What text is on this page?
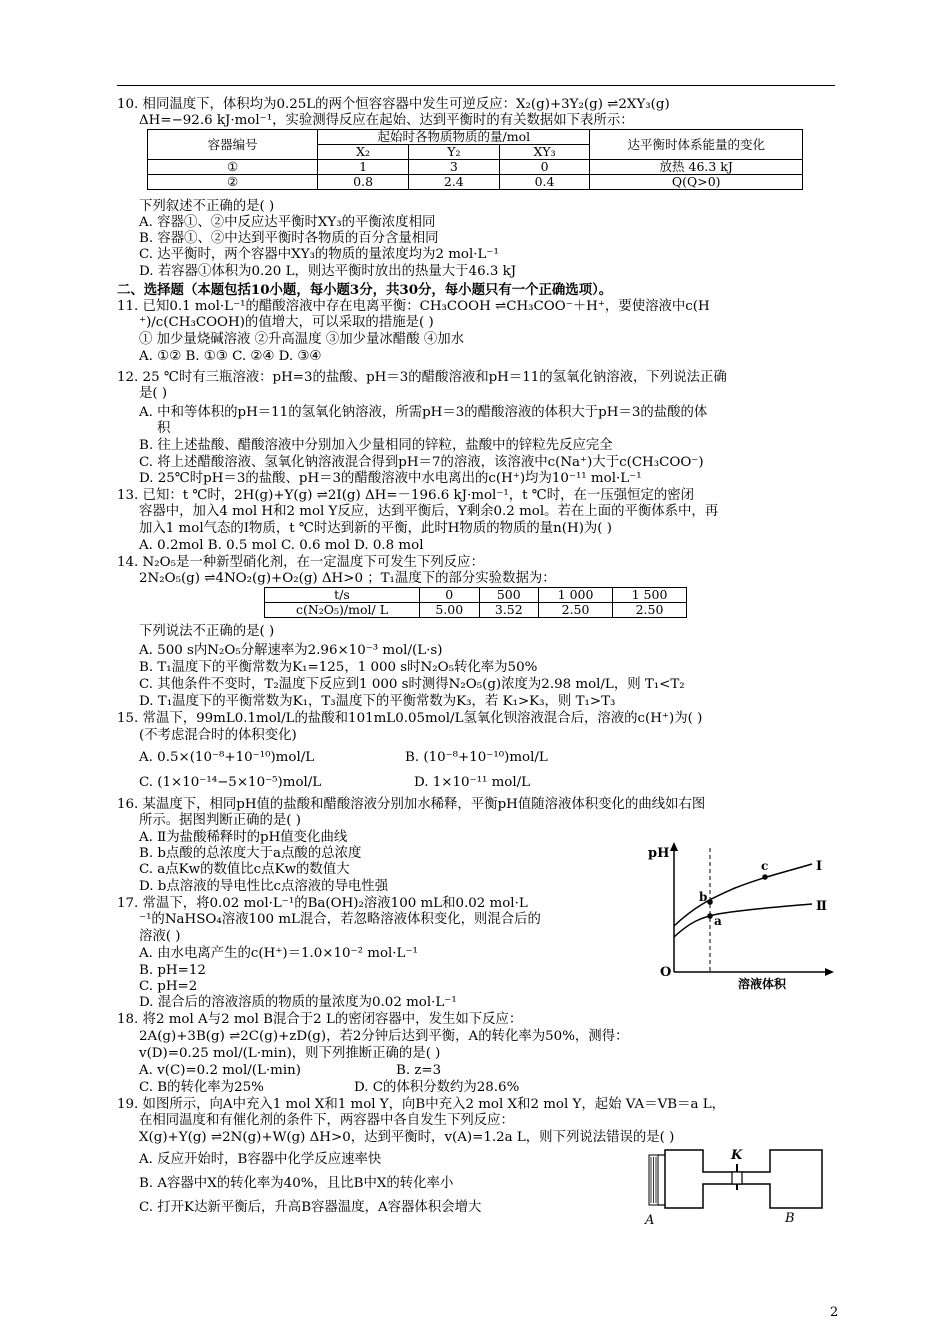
10. 相同温度下，体积均为0.25L的两个恒容容器中发生可逆反应：X₂(g)+3Y₂(g) ⇌2XY₃(g)
ΔH=−92.6 kJ·mol⁻¹，实验测得反应在起始、达到平衡时的有关数据如下表所示：
容器编号	起始时各物质物质的量/mol			达平衡时体系能量的变化
	X₂	Y₂	XY₃	
①	1	3	0	放热 46.3 kJ
②	0.8	2.4	0.4	Q(Q>0)
下列叙述不正确的是( )
A. 容器①、②中反应达平衡时XY₃的平衡浓度相同
B. 容器①、②中达到平衡时各物质的百分含量相同
C. 达平衡时，两个容器中XY₃的物质的量浓度均为2 mol·L⁻¹
D. 若容器①体积为0.20 L，则达平衡时放出的热量大于46.3 kJ
二、选择题（本题包括10小题，每小题3分，共30分，每小题只有一个正确选项）。
11. 已知0.1 mol·L⁻¹的醋酸溶液中存在电离平衡：CH₃COOH ⇌CH₃COO⁻＋H⁺，要使溶液中c(H
⁺)/c(CH₃COOH)的值增大，可以采取的措施是( )
① 加少量烧碱溶液 ②升高温度 ③加少量冰醋酸 ④加水
A. ①② B. ①③ C. ②④ D. ③④
12. 25 ℃时有三瓶溶液：pH=3的盐酸、pH＝3的醋酸溶液和pH＝11的氢氧化钠溶液，下列说法正确
是( )
A. 中和等体积的pH＝11的氢氧化钠溶液，所需pH＝3的醋酸溶液的体积大于pH＝3的盐酸的体
积
B. 往上述盐酸、醋酸溶液中分别加入少量相同的锌粒，盐酸中的锌粒先反应完全
C. 将上述醋酸溶液、氢氧化钠溶液混合得到pH＝7的溶液，该溶液中c(Na⁺)大于c(CH₃COO⁻)
D. 25℃时pH＝3的盐酸、pH＝3的醋酸溶液中水电离出的c(H⁺)均为10⁻¹¹ mol·L⁻¹
13. 已知：t ℃时，2H(g)+Y(g) ⇌2I(g) ΔH=－196.6 kJ·mol⁻¹，t ℃时，在一压强恒定的密闭
容器中，加入4 mol H和2 mol Y反应，达到平衡后，Y剩余0.2 mol。若在上面的平衡体系中，再
加入1 mol气态的I物质，t ℃时达到新的平衡，此时H物质的物质的量n(H)为( )
A. 0.2mol B. 0.5 mol C. 0.6 mol D. 0.8 mol
14. N₂O₅是一种新型硝化剂，在一定温度下可发生下列反应：
2N₂O₅(g) ⇌4NO₂(g)+O₂(g) ΔH>0 ；T₁温度下的部分实验数据为：
t/s	0	500	1 000	1 500
c(N₂O₅)/mol/ L	5.00	3.52	2.50	2.50
下列说法不正确的是( )
A. 500 s内N₂O₅分解速率为2.96×10⁻³ mol/(L·s)
B. T₁温度下的平衡常数为K₁=125，1 000 s时N₂O₅转化率为50%
C. 其他条件不变时，T₂温度下反应到1 000 s时测得N₂O₅(g)浓度为2.98 mol/L，则 T₁<T₂
D. T₁温度下的平衡常数为K₁，T₃温度下的平衡常数为K₃，若 K₁>K₃，则 T₁>T₃
15. 常温下，99mL0.1mol/L的盐酸和101mL0.05mol/L氢氧化钡溶液混合后，溶液的c(H⁺)为( )
(不考虑混合时的体积变化)
A. 0.5×(10⁻⁸+10⁻¹⁰)mol/L	B. (10⁻⁸+10⁻¹⁰)mol/L
C. (1×10⁻¹⁴−5×10⁻⁵)mol/L	D. 1×10⁻¹¹ mol/L
16. 某温度下，相同pH值的盐酸和醋酸溶液分别加水稀释，平衡pH值随溶液体积变化的曲线如右图
所示。据图判断正确的是( )
A. Ⅱ为盐酸稀释时的pH值变化曲线
B. b点酸的总浓度大于a点酸的总浓度
C. a点Kw的数值比c点Kw的数值大
D. b点溶液的导电性比c点溶液的导电性强
pH
O
溶液体积
I
Ⅱ
b
a
c
17. 常温下，将0.02 mol·L⁻¹的Ba(OH)₂溶液100 mL和0.02 mol·L
⁻¹的NaHSO₄溶液100 mL混合，若忽略溶液体积变化，则混合后的
溶液( )
A. 由水电离产生的c(H⁺)＝1.0×10⁻² mol·L⁻¹
B. pH=12
C. pH=2
D. 混合后的溶液溶质的物质的量浓度为0.02 mol·L⁻¹
18. 将2 mol A与2 mol B混合于2 L的密闭容器中，发生如下反应：
2A(g)+3B(g) ⇌2C(g)+zD(g)，若2分钟后达到平衡，A的转化率为50%，测得：
v(D)=0.25 mol/(L·min)，则下列推断正确的是( )
A. v(C)=0.2 mol/(L·min)	B. z=3
C. B的转化率为25%	D. C的体积分数约为28.6%
19. 如图所示，向A中充入1 mol X和1 mol Y，向B中充入2 mol X和2 mol Y，起始 VA＝VB＝a L，
在相同温度和有催化剂的条件下，两容器中各自发生下列反应：
X(g)+Y(g) ⇌2N(g)+W(g) ΔH>0，达到平衡时，v(A)=1.2a L，则下列说法错误的是( )
A. 反应开始时，B容器中化学反应速率快
B. A容器中X的转化率为40%，且比B中X的转化率小
C. 打开K达新平衡后，升高B容器温度，A容器体积会增大
K
A	B
2
